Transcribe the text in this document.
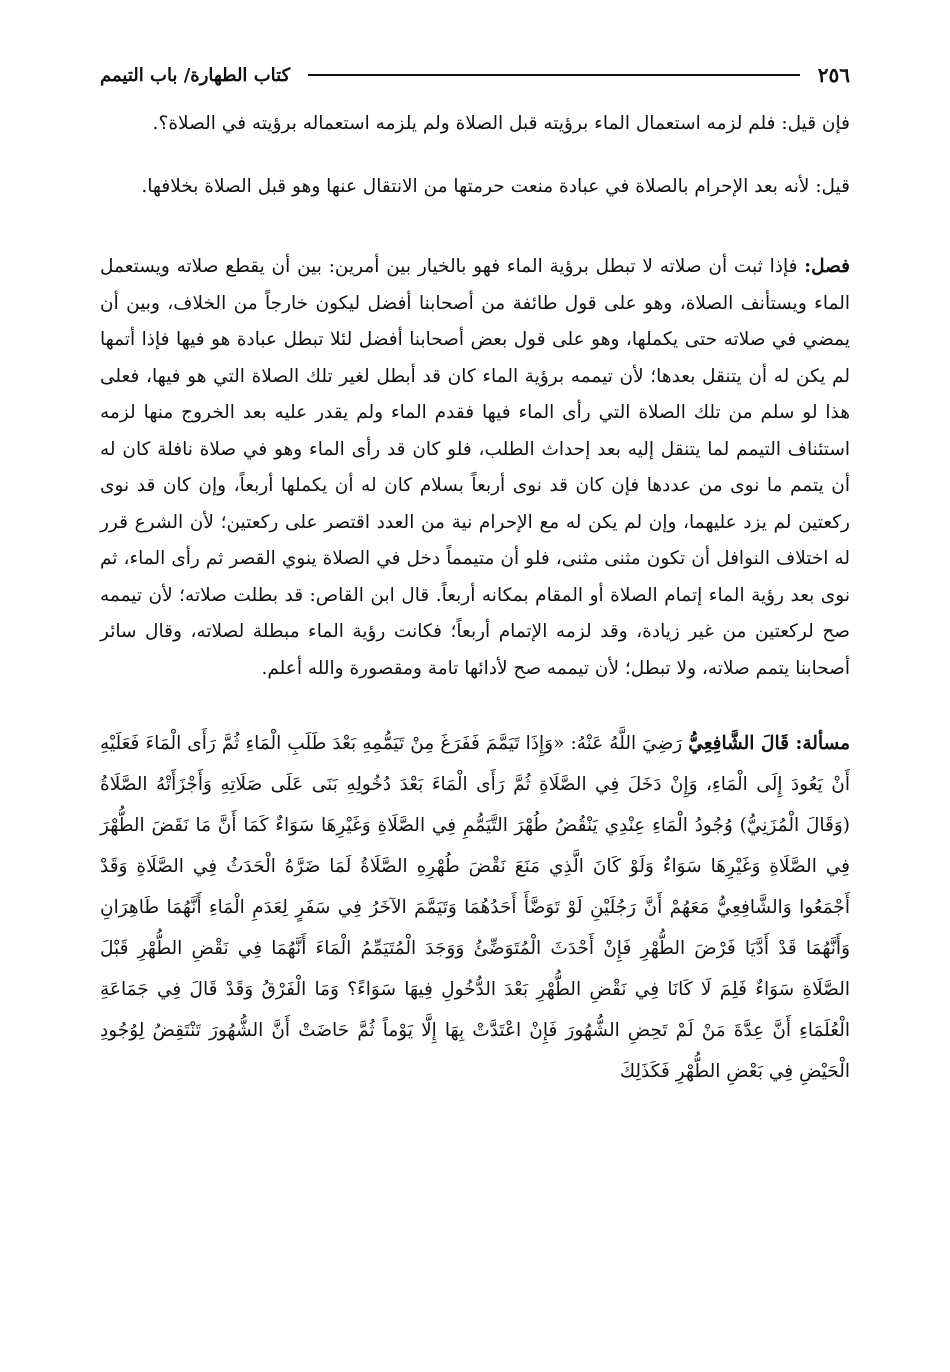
٢٥٦
كتاب الطهارة/ باب التيمم

فإن قيل: فلم لزمه استعمال الماء برؤيته قبل الصلاة ولم يلزمه استعماله برؤيته في الصلاة؟.

قيل: لأنه بعد الإحرام بالصلاة في عبادة منعت حرمتها من الانتقال عنها وهو قبل الصلاة بخلافها.

فصل: فإذا ثبت أن صلاته لا تبطل برؤية الماء فهو بالخيار بين أمرين: بين أن يقطع صلاته ويستعمل الماء ويستأنف الصلاة، وهو على قول طائفة من أصحابنا أفضل ليكون خارجاً من الخلاف، وبين أن يمضي في صلاته حتى يكملها، وهو على قول بعض أصحابنا أفضل لئلا تبطل عبادة هو فيها فإذا أتمها لم يكن له أن يتنقل بعدها؛ لأن تيممه برؤية الماء كان قد أبطل لغير تلك الصلاة التي هو فيها، فعلى هذا لو سلم من تلك الصلاة التي رأى الماء فيها فقدم الماء ولم يقدر عليه بعد الخروج منها لزمه استئناف التيمم لما يتنقل إليه بعد إحداث الطلب، فلو كان قد رأى الماء وهو في صلاة نافلة كان له أن يتمم ما نوى من عددها فإن كان قد نوى أربعاً بسلام كان له أن يكملها أربعاً، وإن كان قد نوى ركعتين لم يزد عليهما، وإن لم يكن له مع الإحرام نية من العدد اقتصر على ركعتين؛ لأن الشرع قرر له اختلاف النوافل أن تكون مثنى مثنى، فلو أن متيمماً دخل في الصلاة ينوي القصر ثم رأى الماء، ثم نوى بعد رؤية الماء إتمام الصلاة أو المقام بمكانه أربعاً. قال ابن القاص: قد بطلت صلاته؛ لأن تيممه صح لركعتين من غير زيادة، وقد لزمه الإتمام أربعاً؛ فكانت رؤية الماء مبطلة لصلاته، وقال سائر أصحابنا يتمم صلاته، ولا تبطل؛ لأن تيممه صح لأدائها تامة ومقصورة والله أعلم.

مسألة: قَالَ الشَّافِعِيُّ رَضِيَ اللَّهُ عَنْهُ: «وَإِذَا تَيَمَّمَ فَفَرَغَ مِنْ تَيَمُّمِهِ بَعْدَ طَلَبِ الْمَاءِ ثُمَّ رَأَى الْمَاءَ فَعَلَيْهِ أَنْ يَعُودَ إِلَى الْمَاءِ، وَإِنْ دَخَلَ فِي الصَّلَاةِ ثُمَّ رَأَى الْمَاءَ بَعْدَ دُخُولِهِ بَنَى عَلَى صَلَاتِهِ وَأَجْزَأَتْهُ الصَّلَاةُ (وَقَالَ الْمُزَنِيُّ) وُجُودُ الْمَاءِ عِنْدِي يَنْقُضُ طُهْرَ التَّيَمُّمِ فِي الصَّلَاةِ وَغَيْرِهَا سَوَاءٌ كَمَا أَنَّ مَا نَقَضَ الطُّهْرَ فِي الصَّلَاةِ وَغَيْرِهَا سَوَاءٌ وَلَوْ كَانَ الَّذِي مَنَعَ نَقْضَ طُهْرِهِ الصَّلَاةُ لَمَا ضَرَّهُ الْحَدَثُ فِي الصَّلَاةِ وَقَدْ أَجْمَعُوا وَالشَّافِعِيُّ مَعَهُمْ أَنَّ رَجُلَيْنِ لَوْ تَوَضَّأَ أَحَدُهُمَا وَتَيَمَّمَ الآخَرُ فِي سَفَرٍ لِعَدَمِ الْمَاءِ أَنَّهُمَا طَاهِرَانِ وَأَنَّهُمَا قَدْ أَدَّيَا فَرْضَ الطُّهْرِ فَإِنْ أَحْدَثَ الْمُتَوَضِّئُ وَوَجَدَ الْمُتَيَمِّمُ الْمَاءَ أَنَّهُمَا فِي نَقْضِ الطُّهْرِ قَبْلَ الصَّلَاةِ سَوَاءٌ فَلِمَ لَا كَانَا فِي نَقْضِ الطُّهْرِ بَعْدَ الدُّخُولِ فِيهَا سَوَاءً؟ وَمَا الْفَرْقُ وَقَدْ قَالَ فِي جَمَاعَةِ الْعُلَمَاءِ أَنَّ عِدَّةَ مَنْ لَمْ تَحِضِ الشُّهُورَ فَإِنْ اعْتَدَّتْ بِهَا إِلَّا يَوْماً ثُمَّ حَاضَتْ أَنَّ الشُّهُورَ تَنْتَقِضُ لِوُجُودِ الْحَيْضِ فِي بَعْضِ الطُّهْرِ فَكَذَلِكَ
